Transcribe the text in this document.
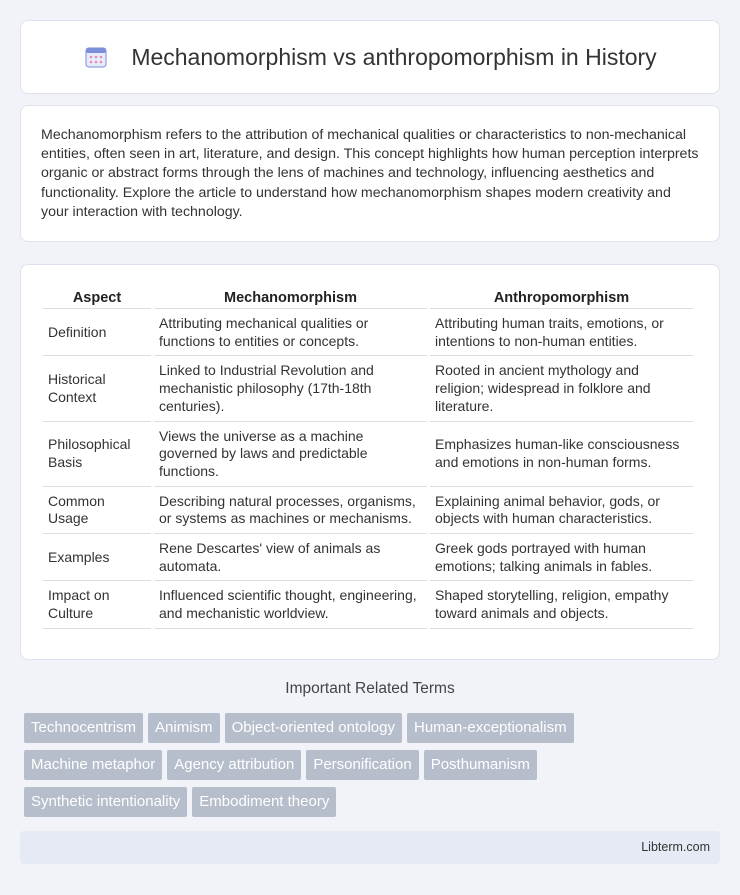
Mechanomorphism vs anthropomorphism in History

Mechanomorphism refers to the attribution of mechanical qualities or characteristics to non-mechanical entities, often seen in art, literature, and design. This concept highlights how human perception interprets organic or abstract forms through the lens of machines and technology, influencing aesthetics and functionality. Explore the article to understand how mechanomorphism shapes modern creativity and your interaction with technology.

Aspect	Mechanomorphism	Anthropomorphism
Definition	Attributing mechanical qualities or functions to entities or concepts.	Attributing human traits, emotions, or intentions to non-human entities.
Historical Context	Linked to Industrial Revolution and mechanistic philosophy (17th-18th centuries).	Rooted in ancient mythology and religion; widespread in folklore and literature.
Philosophical Basis	Views the universe as a machine governed by laws and predictable functions.	Emphasizes human-like consciousness and emotions in non-human forms.
Common Usage	Describing natural processes, organisms, or systems as machines or mechanisms.	Explaining animal behavior, gods, or objects with human characteristics.
Examples	Rene Descartes' view of animals as automata.	Greek gods portrayed with human emotions; talking animals in fables.
Impact on Culture	Influenced scientific thought, engineering, and mechanistic worldview.	Shaped storytelling, religion, empathy toward animals and objects.
Important Related Terms
Technocentrism Animism Object-oriented ontology Human-exceptionalism
Machine metaphor Agency attribution Personification Posthumanism
Synthetic intentionality Embodiment theory
Libterm.com
